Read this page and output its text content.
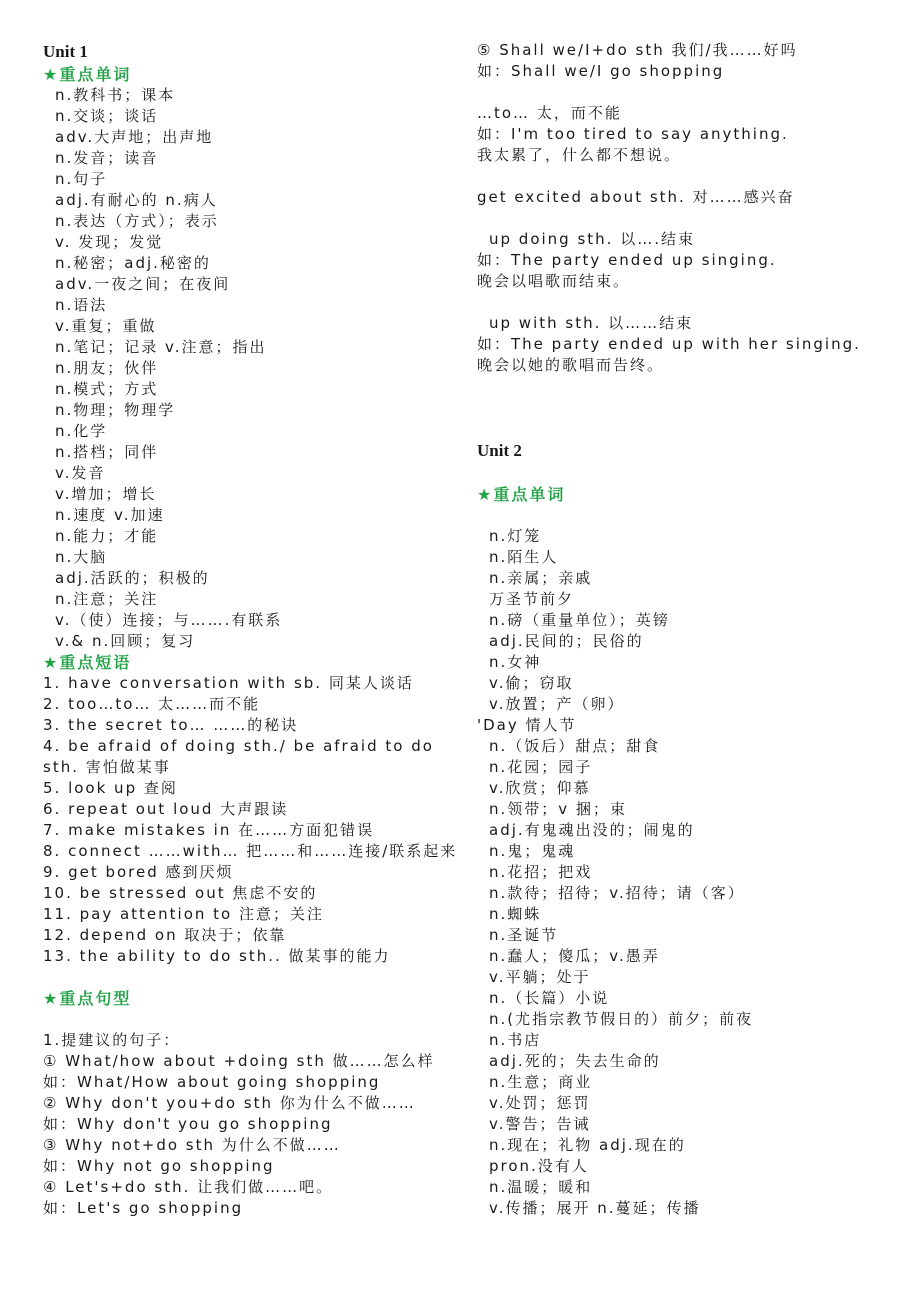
Unit 1
★重点单词
n.教科书；课本
n.交谈；谈话
adv.大声地；出声地
n.发音；读音
n.句子
adj.有耐心的 n.病人
n.表达（方式）；表示
v. 发现；发觉
n.秘密；adj.秘密的
adv.一夜之间；在夜间
n.语法
v.重复；重做
n.笔记；记录 v.注意；指出
n.朋友；伙伴
n.模式；方式
n.物理；物理学
n.化学
n.搭档；同伴
v.发音
v.增加；增长
n.速度 v.加速
n.能力；才能
n.大脑
adj.活跃的；积极的
n.注意；关注
v.（使）连接；与…….有联系
v.& n.回顾；复习
★重点短语
1. have conversation with sb. 同某人谈话
2. too…to… 太……而不能
3. the secret to… ……的秘诀
4. be afraid of doing sth./ be afraid to do sth. 害怕做某事
5. look up 查阅
6. repeat out loud 大声跟读
7. make mistakes in 在……方面犯错误
8. connect ……with… 把……和……连接/联系起来
9. get bored 感到厌烦
10. be stressed out 焦虑不安的
11. pay attention to 注意；关注
12. depend on 取决于；依靠
13. the ability to do sth.. 做某事的能力
★重点句型
1.提建议的句子：
① What/how about +doing sth 做……怎么样
如：What/How about going shopping
② Why don't you+do sth 你为什么不做……
如：Why don't you go shopping
③ Why not+do sth 为什么不做……
如：Why not go shopping
④ Let's+do sth. 让我们做……吧。
如：Let's go shopping
⑤ Shall we/I+do sth 我们/我……好吗
如：Shall we/I go shopping
…to… 太，而不能
如：I'm too tired to say anything.
我太累了，什么都不想说。
get excited about sth. 对……感兴奋
up doing sth. 以….结束
如：The party ended up singing.
晚会以唱歌而结束。
up with sth. 以……结束
如：The party ended up with her singing.
晚会以她的歌唱而告终。
Unit 2
★重点单词
n.灯笼
n.陌生人
n.亲属；亲戚
万圣节前夕
n.磅（重量单位）；英镑
adj.民间的；民俗的
n.女神
v.偷；窃取
v.放置；产（卵）
'Day 情人节
n.（饭后）甜点；甜食
n.花园；园子
v.欣赏；仰慕
n.领带；v 捆；束
adj.有鬼魂出没的；闹鬼的
n.鬼；鬼魂
n.花招；把戏
n.款待；招待；v.招待；请（客）
n.蜘蛛
n.圣诞节
n.蠢人；傻瓜；v.愚弄
v.平躺；处于
n.（长篇）小说
n.(尤指宗教节假日的）前夕；前夜
n.书店
adj.死的；失去生命的
n.生意；商业
v.处罚；惩罚
v.警告；告诫
n.现在；礼物 adj.现在的
pron.没有人
n.温暖；暖和
v.传播；展开 n.蔓延；传播
